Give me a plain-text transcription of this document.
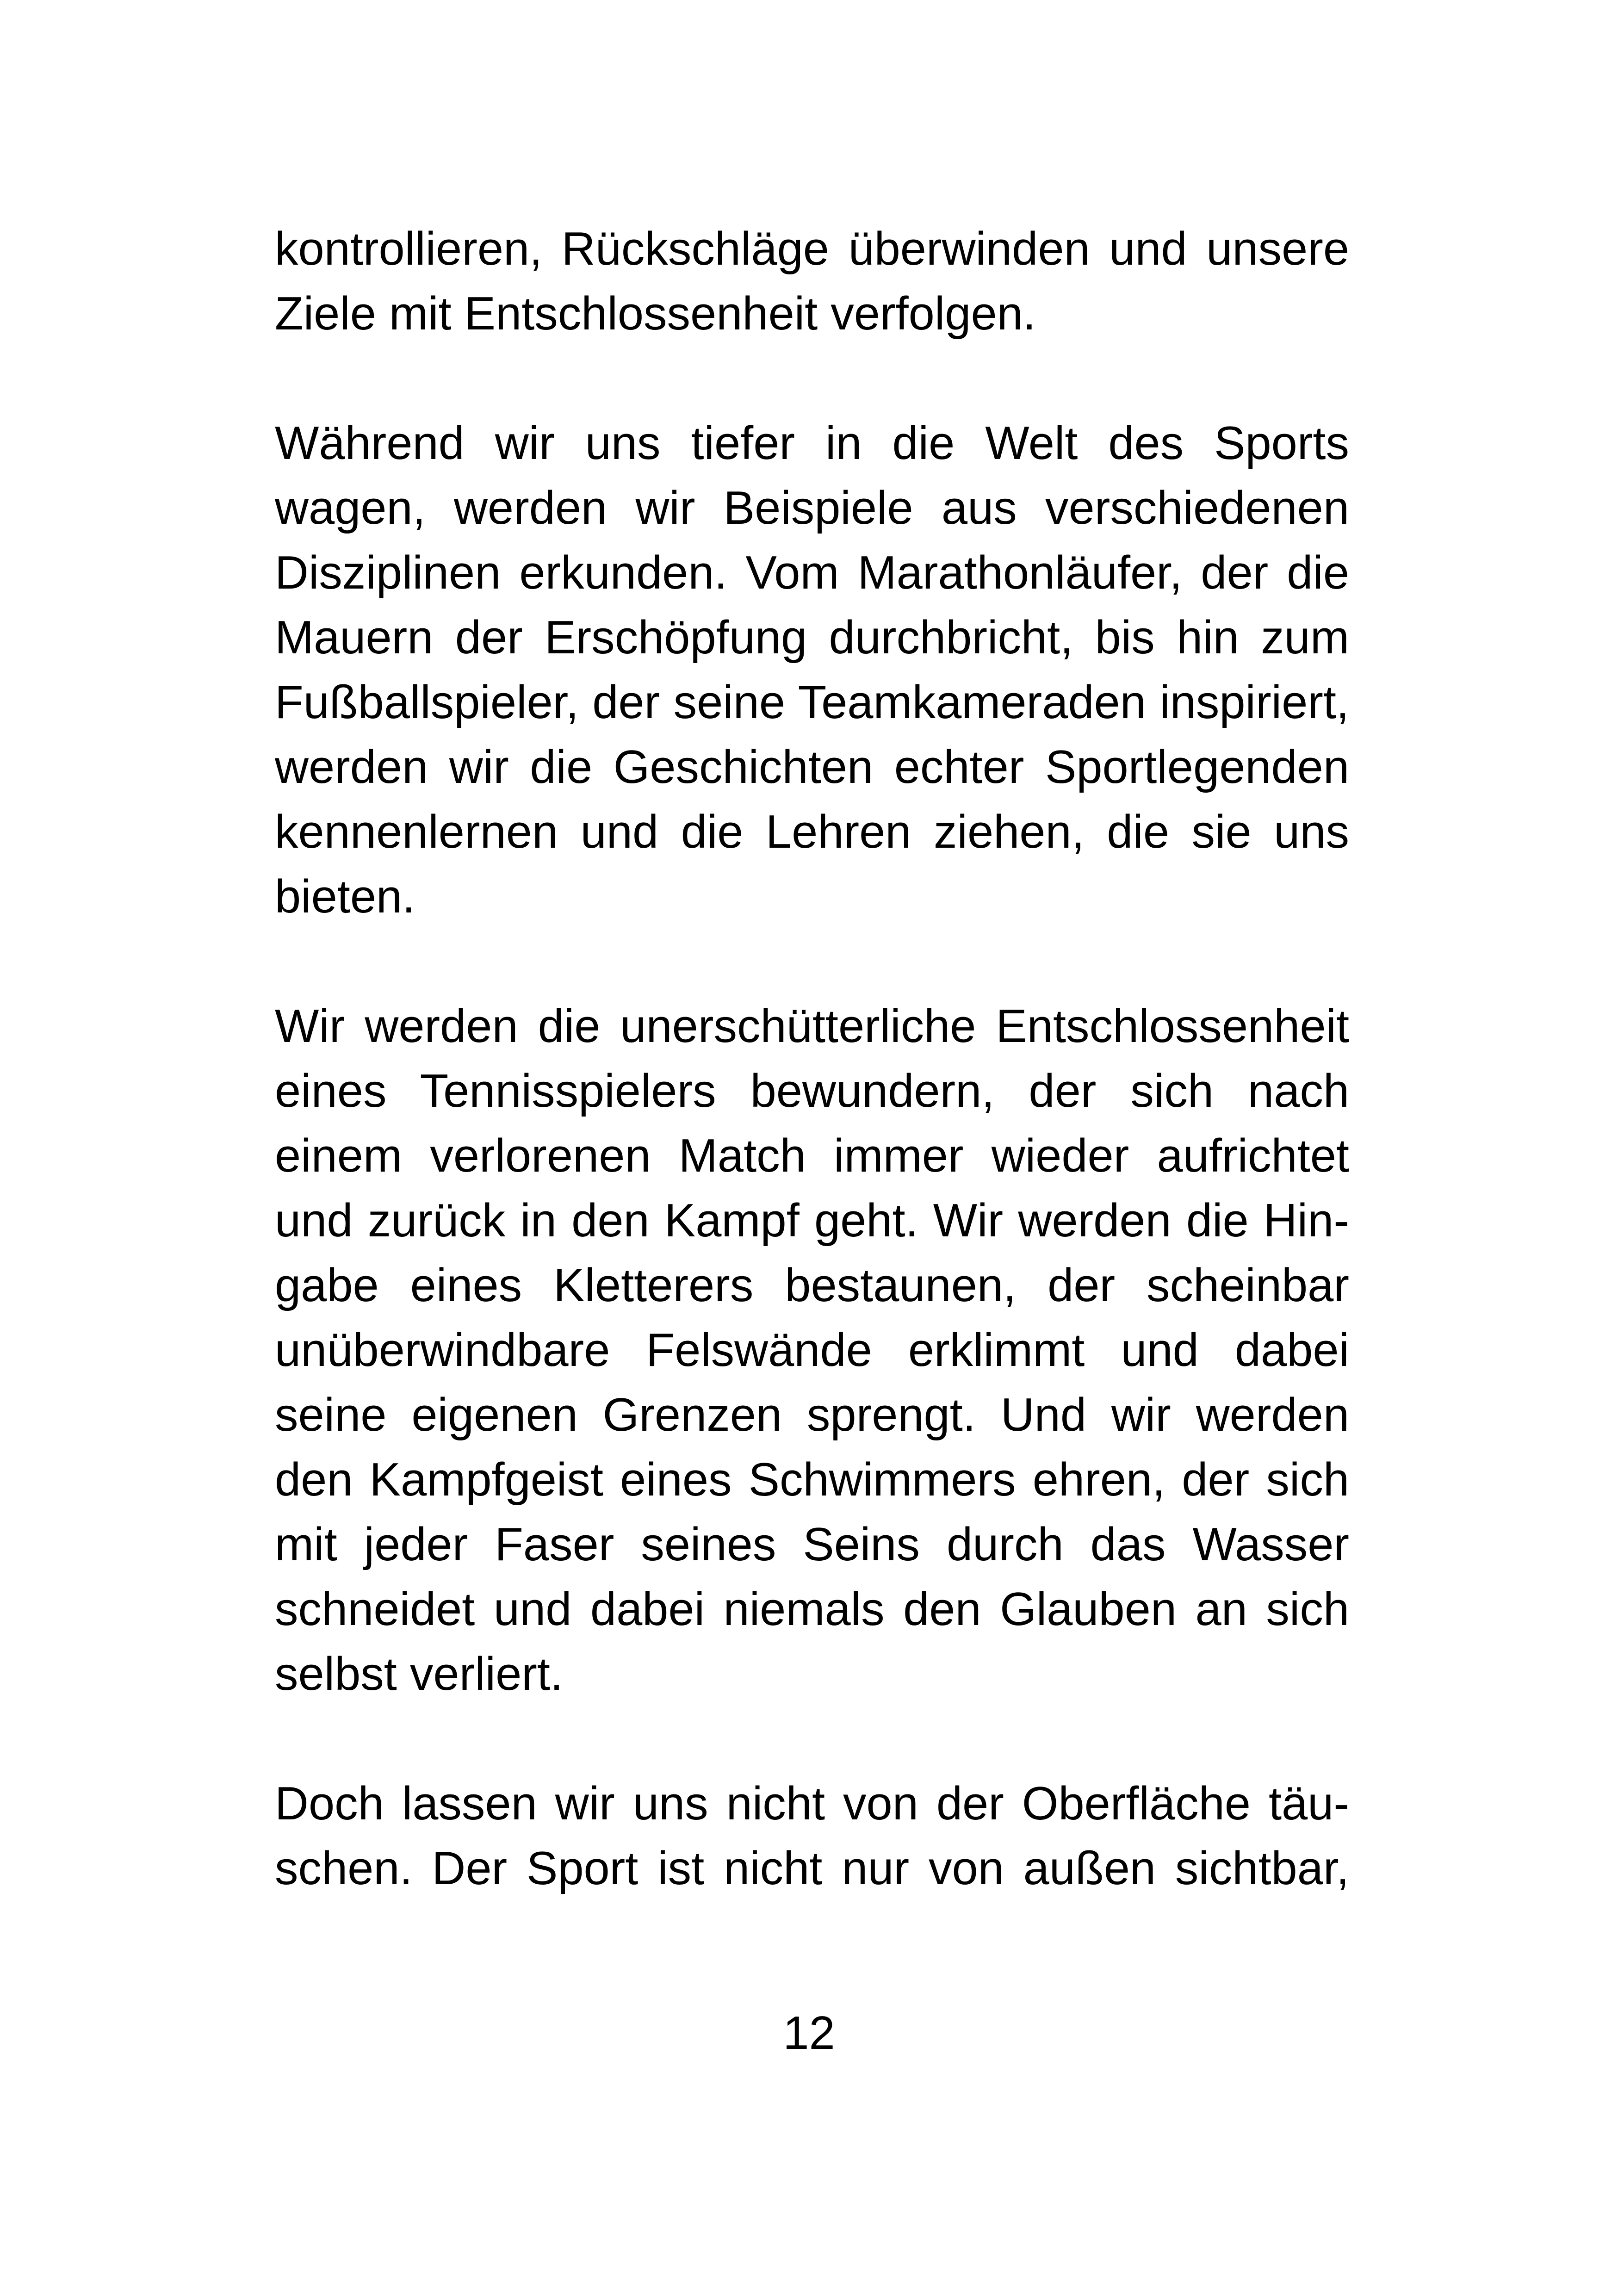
kontrollieren, Rückschläge überwinden und unsere
Ziele mit Entschlossenheit verfolgen.
Während wir uns tiefer in die Welt des Sports
wagen, werden wir Beispiele aus verschiedenen
Disziplinen erkunden. Vom Marathonläufer, der die
Mauern der Erschöpfung durchbricht, bis hin zum
Fußballspieler, der seine Teamkameraden inspiriert,
werden wir die Geschichten echter Sportlegenden
kennenlernen und die Lehren ziehen, die sie uns
bieten.
Wir werden die unerschütterliche Entschlossenheit
eines Tennisspielers bewundern, der sich nach
einem verlorenen Match immer wieder aufrichtet
und zurück in den Kampf geht. Wir werden die Hin-
gabe eines Kletterers bestaunen, der scheinbar
unüberwindbare Felswände erklimmt und dabei
seine eigenen Grenzen sprengt. Und wir werden
den Kampfgeist eines Schwimmers ehren, der sich
mit jeder Faser seines Seins durch das Wasser
schneidet und dabei niemals den Glauben an sich
selbst verliert.
Doch lassen wir uns nicht von der Oberfläche täu-
schen. Der Sport ist nicht nur von außen sichtbar,
12
